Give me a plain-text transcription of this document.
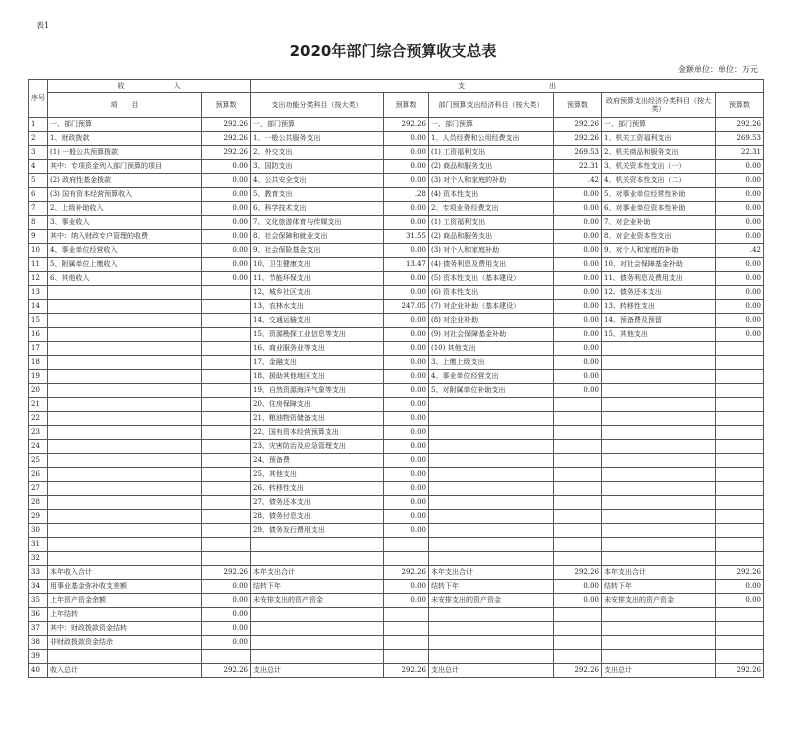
表1
2020年部门综合预算收支总表
金额单位：单位：万元
序号	收　　　　　　　入		支　　　　　　　　　　　　出					
	项　　目	预算数	支出功能分类科目（按大类）	预算数	部门预算支出经济科目（按大类）	预算数	政府预算支出经济分类科目（按大类）	预算数
1	一、部门预算	292.26	一、部门预算	292.26	一、部门预算	292.26	一、部门预算	292.26
2	1、财政拨款	292.26	1、一般公共服务支出	0.00	1、人员经费和公用经费支出	292.26	1、机关工资福利支出	269.53
3	(1) 一般公共预算拨款	292.26	2、外交支出	0.00	(1) 工资福利支出	269.53	2、机关商品和服务支出	22.31
4	其中：专项资金列入部门预算的项目	0.00	3、国防支出	0.00	(2) 商品和服务支出	22.31	3、机关资本性支出（一）	0.00
5	(2) 政府性基金拨款	0.00	4、公共安全支出	0.00	(3) 对个人和家庭的补助	.42	4、机关资本性支出（二）	0.00
6	(3) 国有资本经营预算收入	0.00	5、教育支出	.28	(4) 资本性支出	0.00	5、对事业单位经常性补助	0.00
7	2、上级补助收入	0.00	6、科学技术支出	0.00	2、专项业务经费支出	0.00	6、对事业单位资本性补助	0.00
8	3、事业收入	0.00	7、文化旅游体育与传媒支出	0.00	(1) 工资福利支出	0.00	7、对企业补助	0.00
9	其中：纳入财政专户管理的收费	0.00	8、社会保障和就业支出	31.55	(2) 商品和服务支出	0.00	8、对企业资本性支出	0.00
10	4、事业单位经营收入	0.00	9、社会保险基金支出	0.00	(3) 对个人和家庭补助	0.00	9、对个人和家庭的补助	.42
11	5、附属单位上缴收入	0.00	10、卫生健康支出	13.47	(4) 债务利息及费用支出	0.00	10、对社会保障基金补助	0.00
12	6、其他收入	0.00	11、节能环保支出	0.00	(5) 资本性支出（基本建设）	0.00	11、债务利息及费用支出	0.00
13			12、城乡社区支出	0.00	(6) 资本性支出	0.00	12、债务还本支出	0.00
14			13、农林水支出	247.05	(7) 对企业补助（基本建设）	0.00	13、转移性支出	0.00
15			14、交通运输支出	0.00	(8) 对企业补助	0.00	14、预备费及预留	0.00
16			15、资源勘探工业信息等支出	0.00	(9) 对社会保障基金补助	0.00	15、其他支出	0.00
17			16、商业服务业等支出	0.00	(10) 其他支出	0.00		
18			17、金融支出	0.00	3、上缴上级支出	0.00		
19			18、援助其他地区支出	0.00	4、事业单位经营支出	0.00		
20			19、自然资源海洋气象等支出	0.00	5、对附属单位补助支出	0.00		
21			20、住房保障支出	0.00				
22			21、粮油物资储备支出	0.00				
23			22、国有资本经营预算支出	0.00				
24			23、灾害防治及应急管理支出	0.00				
25			24、预备费	0.00				
26			25、其他支出	0.00				
27			26、转移性支出	0.00				
28			27、债务还本支出	0.00				
29			28、债务付息支出	0.00				
30			29、债务发行费用支出	0.00				
31								
32								
33	本年收入合计	292.26	本年支出合计	292.26	本年支出合计	292.26	本年支出合计	292.26
34	用事业基金弥补收支差额	0.00	结转下年	0.00	结转下年	0.00	结转下年	0.00
35	上年资产资金余额	0.00	未安排支出的资产资金	0.00	未安排支出的资产资金	0.00	未安排支出的资产资金	0.00
36	上年结转	0.00						
37	其中：财政拨款资金结转	0.00						
38	非财政拨款资金结余	0.00						
39								
40	收入总计	292.26	支出总计	292.26	支出总计	292.26	支出总计	292.26
